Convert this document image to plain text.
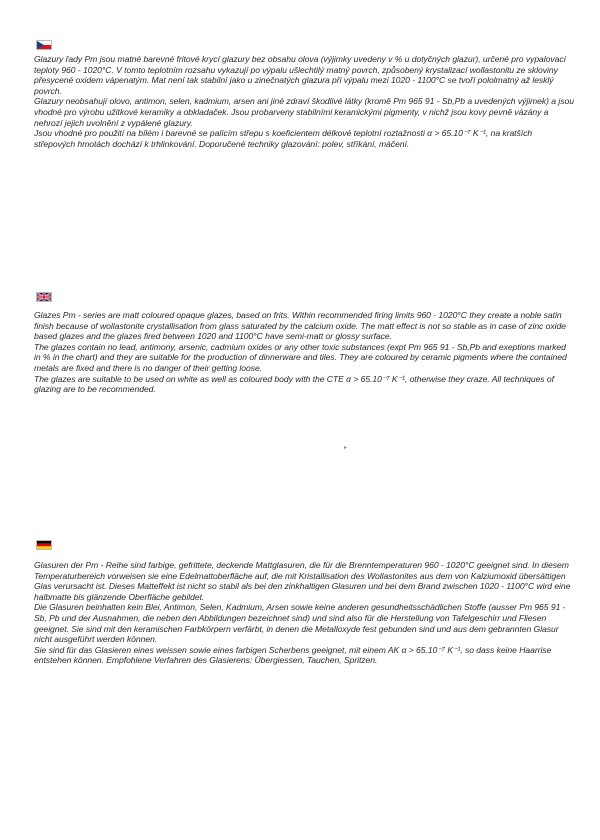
Glazury řady Pm jsou matné barevné fritové krycí glazury bez obsahu olova (výjimky uvedeny v % u dotyčných glazur), určené pro vypalovací teploty 960 - 1020°C. V tomto teplotním rozsahu vykazují po výpalu ušlechtilý matný povrch, způsobený krystalizací wollastonitu ze sklovinу přesycené oxidem vápenatým. Mat není tak stabilní jako u zinečnatých glazura při výpalu mezi 1020 - 1100°C se tvoří pololmatný až lesklý povrch.

Glazury neobsahují olovo, antimon, selen, kadmium, arsen ani jiné zdraví škodlivé látky (kromě Pm 965 91 - Sb,Pb a uvedených výjimek) a jsou vhodné pro výrobu užitkové keramiky a obkladaček. Jsou probarveny stabilními keramickými pigmenty, v nichž jsou kovy pevně vázány a nehrozí jejich uvolnění z vypálené glazury.

Jsou vhodné pro použití na bílém i barevné se palícím střepu s koeficientem délkové teplotní roztažnosti α > 65.10⁻⁷ K⁻¹, na kratších střepových hmotách dochází k trhlinkování. Doporučené techniky glazování: polev, stříkání, máčení.

Glazes Pm - series are matt coloured opaque glazes, based on frits. Within recommended firing limits 960 - 1020°C they create a noble satin finish because of wollastonite crystallisation from glass saturated by the calcium oxide. The matt effect is not so stable as in case of zinc oxide based glazes and the glazes fired between 1020 and 1100°C have semi-matt or glossy surface.

The glazes contain no lead, antimony, arsenic, cadmium oxides or any other toxic substances (expt Pm 965 91 - Sb,Pb and exeptions marked in % in the chart) and they are suitable for the production of dinnerware and tiles. They are coloured by ceramic pigments where the contained metals are fixed and there is no danger of their getting loose.

The glazes are suitable to be used on white as well as coloured body with the CTE α > 65.10⁻⁷ K⁻¹, otherwise they craze. All techniques of glazing are to be recommended.

▸

Glasuren der Pm - Reihe sind farbige, gefrittete, deckende Mattglasuren, die für die Brenntemperaturen 960 - 1020°C geeignet sind. In diesem Temperaturbereich vorweisen sie eine Edelmattoberfläche auf, die mit Kristallisation des Wollastonites aus dem von Kalziumoxid übersättigen Glas verursacht ist. Dieses Matteffekt ist nicht so stabil als bei den zinkhaltigen Glasuren und bei dem Brand zwischen 1020 - 1100°C wird eine halbmatte bis glänzende Oberfläche gebildet.

Die Glasuren beinhalten kein Blei, Antimon, Selen, Kadmium, Arsen sowie keine anderen gesundheitsschädlichen Stoffe (ausser Pm 965 91 - Sb, Pb und der Ausnahmen, die neben den Abbildungen bezeichnet sind) und sind also für die Herstellung von Tafelgeschirr und Fliesen geeignet. Sie sind mit den keramischen Farbkörpern verfärbt, in denen die Metalloxyde fest gebunden sind und aus dem gebrannten Glasur nicht ausgeführt werden können.

Sie sind für das Glasieren eines weissen sowie eines farbigen Scherbens geeignet, mit einem AK α > 65.10⁻⁷ K⁻¹, so dass keine Haarrise entstehen können. Empfohlene Verfahren des Glasierens: Übergiessen, Tauchen, Spritzen.
